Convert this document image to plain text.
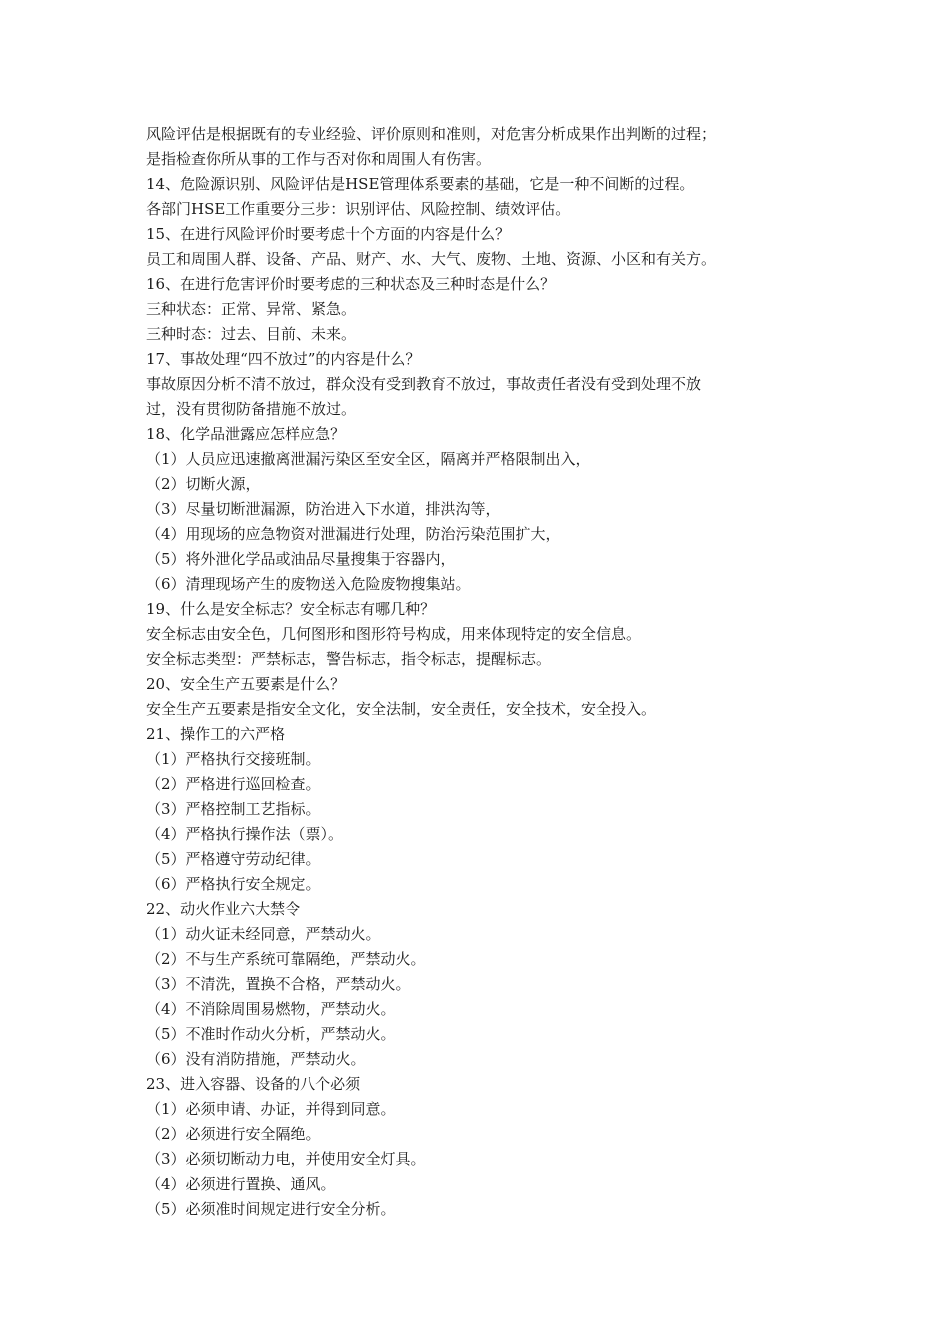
风险评估是根据既有的专业经验、评价原则和准则，对危害分析成果作出判断的过程；
是指检查你所从事的工作与否对你和周围人有伤害。
14、危险源识别、风险评估是HSE管理体系要素的基础，它是一种不间断的过程。
各部门HSE工作重要分三步：识别评估、风险控制、绩效评估。
15、在进行风险评价时要考虑十个方面的内容是什么？
员工和周围人群、设备、产品、财产、水、大气、废物、土地、资源、小区和有关方。
16、在进行危害评价时要考虑的三种状态及三种时态是什么？
三种状态：正常、异常、紧急。
三种时态：过去、目前、未来。
17、事故处理“四不放过”的内容是什么？
事故原因分析不清不放过，群众没有受到教育不放过，事故责任者没有受到处理不放
过，没有贯彻防备措施不放过。
18、化学品泄露应怎样应急？
（1）人员应迅速撤离泄漏污染区至安全区，隔离并严格限制出入，
（2）切断火源，
（3）尽量切断泄漏源，防治进入下水道，排洪沟等，
（4）用现场的应急物资对泄漏进行处理，防治污染范围扩大，
（5）将外泄化学品或油品尽量搜集于容器内，
（6）清理现场产生的废物送入危险废物搜集站。
19、什么是安全标志？安全标志有哪几种？
安全标志由安全色，几何图形和图形符号构成，用来体现特定的安全信息。
安全标志类型：严禁标志，警告标志，指令标志，提醒标志。
20、安全生产五要素是什么？
安全生产五要素是指安全文化，安全法制，安全责任，安全技术，安全投入。
21、操作工的六严格
（1）严格执行交接班制。
（2）严格进行巡回检查。
（3）严格控制工艺指标。
（4）严格执行操作法（票）。
（5）严格遵守劳动纪律。
（6）严格执行安全规定。
22、动火作业六大禁令
（1）动火证未经同意，严禁动火。
（2）不与生产系统可靠隔绝，严禁动火。
（3）不清洗，置换不合格，严禁动火。
（4）不消除周围易燃物，严禁动火。
（5）不准时作动火分析，严禁动火。
（6）没有消防措施，严禁动火。
23、进入容器、设备的八个必须
（1）必须申请、办证，并得到同意。
（2）必须进行安全隔绝。
（3）必须切断动力电，并使用安全灯具。
（4）必须进行置换、通风。
（5）必须准时间规定进行安全分析。
